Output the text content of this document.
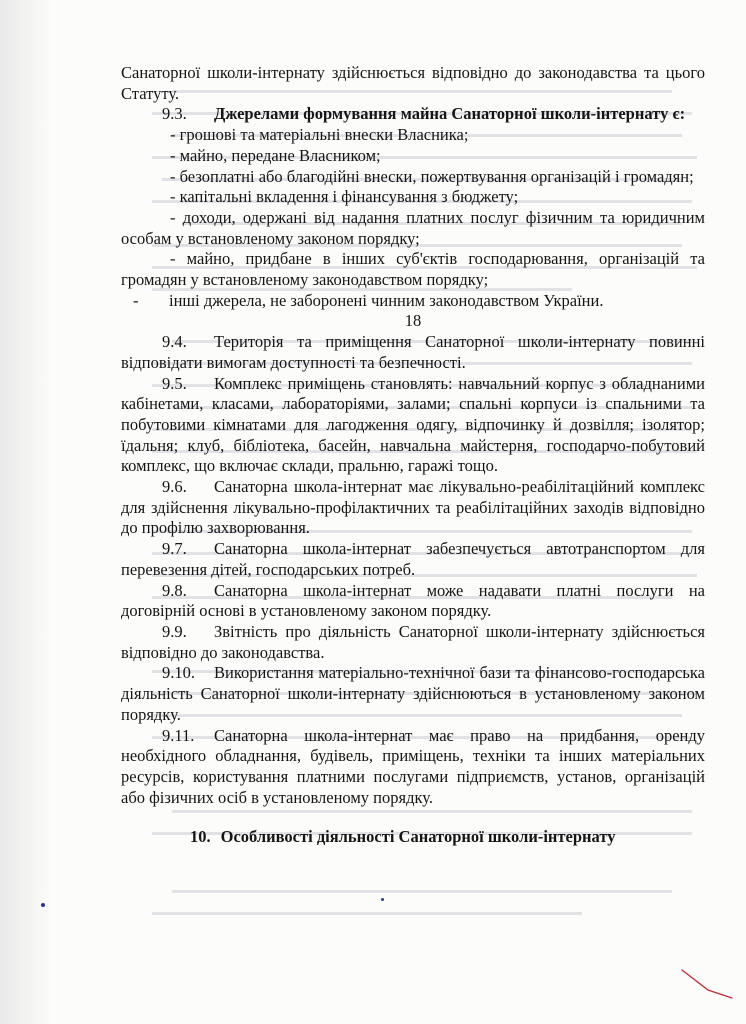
Санаторної школи-інтернату здійснюється відповідно до законодавства та цього Статуту.

9.3. Джерелами формування майна Санаторної школи-інтернату є:

- грошові та матеріальні внески Власника;

- майно, передане Власником;

- безоплатні або благодійні внески, пожертвування організацій і громадян;

- капітальні вкладення і фінансування з бюджету;

- доходи, одержані від надання платних послуг фізичним та юридичним особам у встановленому законом порядку;

- майно, придбане в інших суб'єктів господарювання, організацій та громадян у встановленому законодавством порядку;

- інші джерела, не заборонені чинним законодавством України.

18

9.4. Територія та приміщення Санаторної школи-інтернату повинні відповідати вимогам доступності та безпечності.

9.5. Комплекс приміщень становлять: навчальний корпус з обладнаними кабінетами, класами, лабораторіями, залами; спальні корпуси із спальними та побутовими кімнатами для лагодження одягу, відпочинку й дозвілля; ізолятор; їдальня; клуб, бібліотека, басейн, навчальна майстерня, господарчо-побутовий комплекс, що включає склади, пральню, гаражі тощо.

9.6. Санаторна школа-інтернат має лікувально-реабілітаційний комплекс для здійснення лікувально-профілактичних та реабілітаційних заходів відповідно до профілю захворювання.

9.7. Санаторна школа-інтернат забезпечується автотранспортом для перевезення дітей, господарських потреб.

9.8. Санаторна школа-інтернат може надавати платні послуги на договірній основі в установленому законом порядку.

9.9. Звітність про діяльність Санаторної школи-інтернату здійснюється відповідно до законодавства.

9.10. Використання матеріально-технічної бази та фінансово-господарська діяльність Санаторної школи-інтернату здійснюються в установленому законом порядку.

9.11. Санаторна школа-інтернат має право на придбання, оренду необхідного обладнання, будівель, приміщень, техніки та інших матеріальних ресурсів, користування платними послугами підприємств, установ, організацій або фізичних осіб в установленому порядку.

10. Особливості діяльності Санаторної школи-інтернату
